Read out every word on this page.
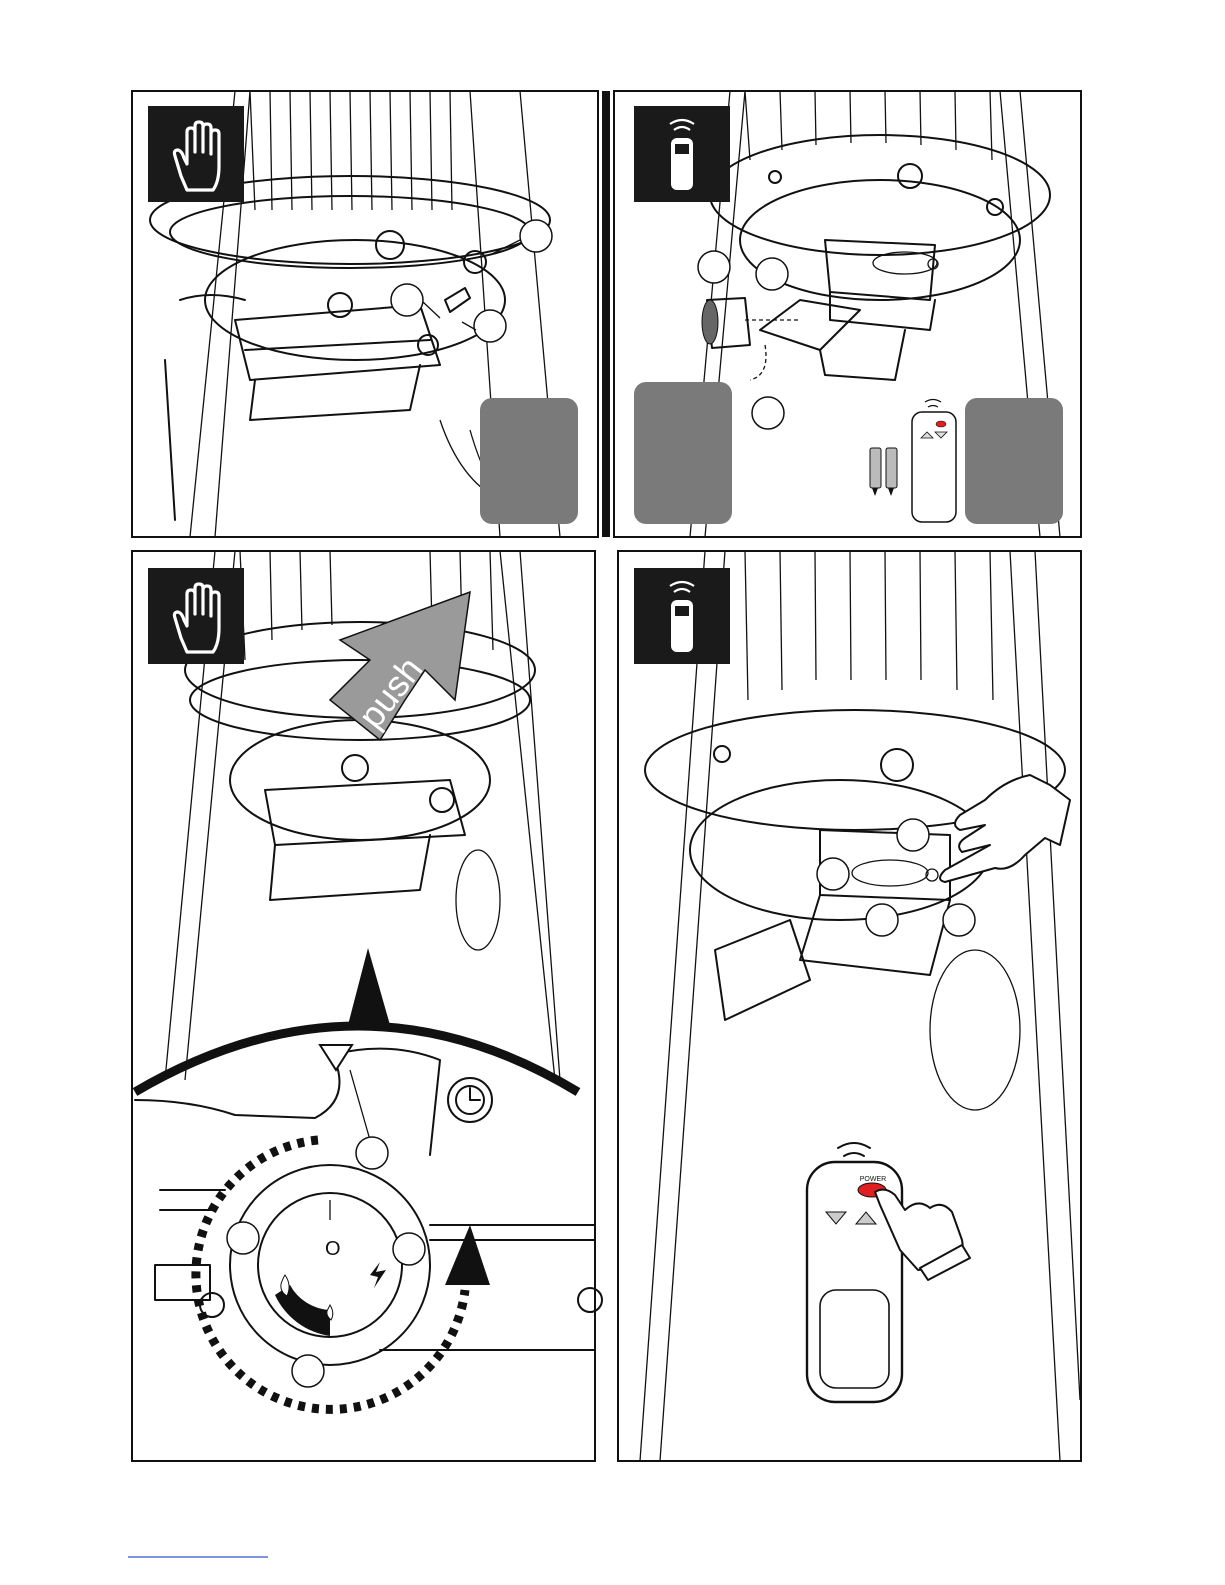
push
O
POWER
